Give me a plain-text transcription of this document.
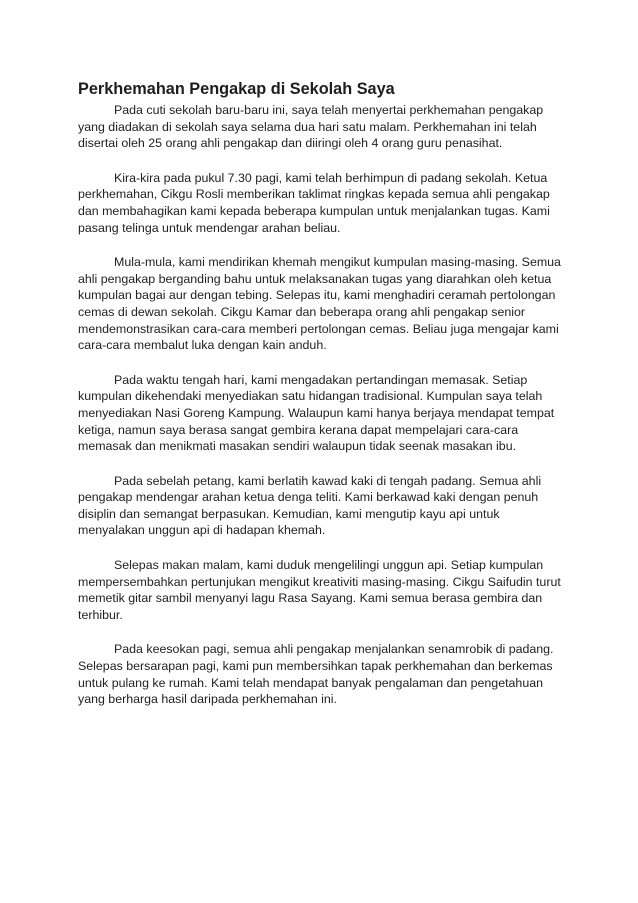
Perkhemahan Pengakap di Sekolah Saya

Pada cuti sekolah baru-baru ini, saya telah menyertai perkhemahan pengakap yang diadakan di sekolah saya selama dua hari satu malam. Perkhemahan ini telah disertai oleh 25 orang ahli pengakap dan diiringi oleh 4 orang guru penasihat.

Kira-kira pada pukul 7.30 pagi, kami telah berhimpun di padang sekolah. Ketua perkhemahan, Cikgu Rosli memberikan taklimat ringkas kepada semua ahli pengakap dan membahagikan kami kepada beberapa kumpulan untuk menjalankan tugas. Kami pasang telinga untuk mendengar arahan beliau.

Mula-mula, kami mendirikan khemah mengikut kumpulan masing-masing. Semua ahli pengakap berganding bahu untuk melaksanakan tugas yang diarahkan oleh ketua kumpulan bagai aur dengan tebing. Selepas itu, kami menghadiri ceramah pertolongan cemas di dewan sekolah. Cikgu Kamar dan beberapa orang ahli pengakap senior mendemonstrasikan cara-cara memberi pertolongan cemas. Beliau juga mengajar kami cara-cara membalut luka dengan kain anduh.

Pada waktu tengah hari, kami mengadakan pertandingan memasak. Setiap kumpulan dikehendaki menyediakan satu hidangan tradisional. Kumpulan saya telah menyediakan Nasi Goreng Kampung. Walaupun kami hanya berjaya mendapat tempat ketiga, namun saya berasa sangat gembira kerana dapat mempelajari cara-cara memasak dan menikmati masakan sendiri walaupun tidak seenak masakan ibu.

Pada sebelah petang, kami berlatih kawad kaki di tengah padang. Semua ahli pengakap mendengar arahan ketua denga teliti. Kami berkawad kaki dengan penuh disiplin dan semangat berpasukan. Kemudian, kami mengutip kayu api untuk menyalakan unggun api di hadapan khemah.

Selepas makan malam, kami duduk mengelilingi unggun api. Setiap kumpulan mempersembahkan pertunjukan mengikut kreativiti masing-masing. Cikgu Saifudin turut memetik gitar sambil menyanyi lagu Rasa Sayang. Kami semua berasa gembira dan terhibur.

Pada keesokan pagi, semua ahli pengakap menjalankan senamrobik di padang. Selepas bersarapan pagi, kami pun membersihkan tapak perkhemahan dan berkemas untuk pulang ke rumah. Kami telah mendapat banyak pengalaman dan pengetahuan yang berharga hasil daripada perkhemahan ini.
